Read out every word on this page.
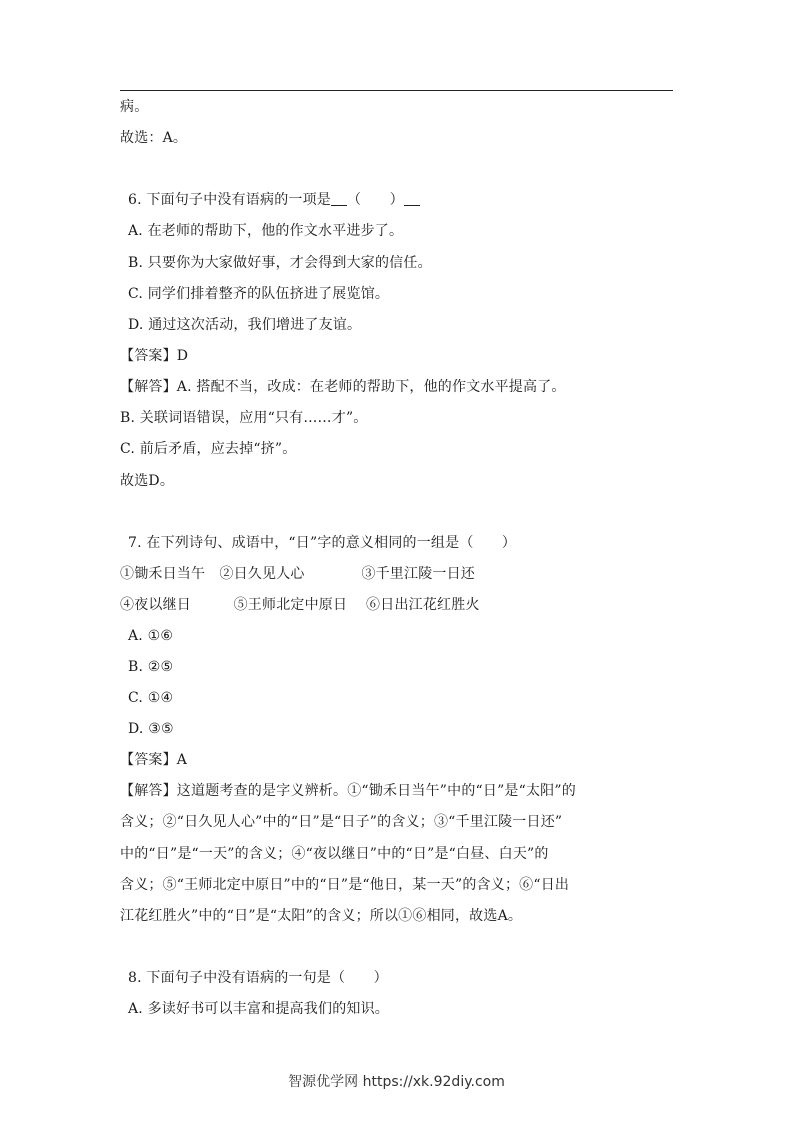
病。
故选：A。
6. 下面句子中没有语病的一项是 （　　）
A. 在老师的帮助下，他的作文水平进步了。
B. 只要你为大家做好事，才会得到大家的信任。
C. 同学们排着整齐的队伍挤进了展览馆。
D. 通过这次活动，我们增进了友谊。
【答案】D
【解答】A. 搭配不当，改成：在老师的帮助下，他的作文水平提高了。
B. 关联词语错误，应用“只有……才”。
C. 前后矛盾，应去掉“挤”。
故选D。
7. 在下列诗句、成语中，“日”字的意义相同的一组是（　　）
①锄禾日当午　②日久见人心　　　　③千里江陵一日还
④夜以继日　　　⑤王师北定中原日　 ⑥日出江花红胜火
A. ①⑥
B. ②⑤
C. ①④
D. ③⑤
【答案】A
【解答】这道题考查的是字义辨析。①“锄禾日当午”中的“日”是“太阳”的
含义；②“日久见人心”中的“日”是“日子”的含义；③“千里江陵一日还”
中的“日”是“一天”的含义；④“夜以继日”中的“日”是“白昼、白天”的
含义；⑤“王师北定中原日”中的“日”是“他日，某一天”的含义；⑥“日出
江花红胜火”中的“日”是“太阳”的含义；所以①⑥相同，故选A。
8. 下面句子中没有语病的一句是（　　）
A. 多读好书可以丰富和提高我们的知识。
智源优学网 https://xk.92diy.com
